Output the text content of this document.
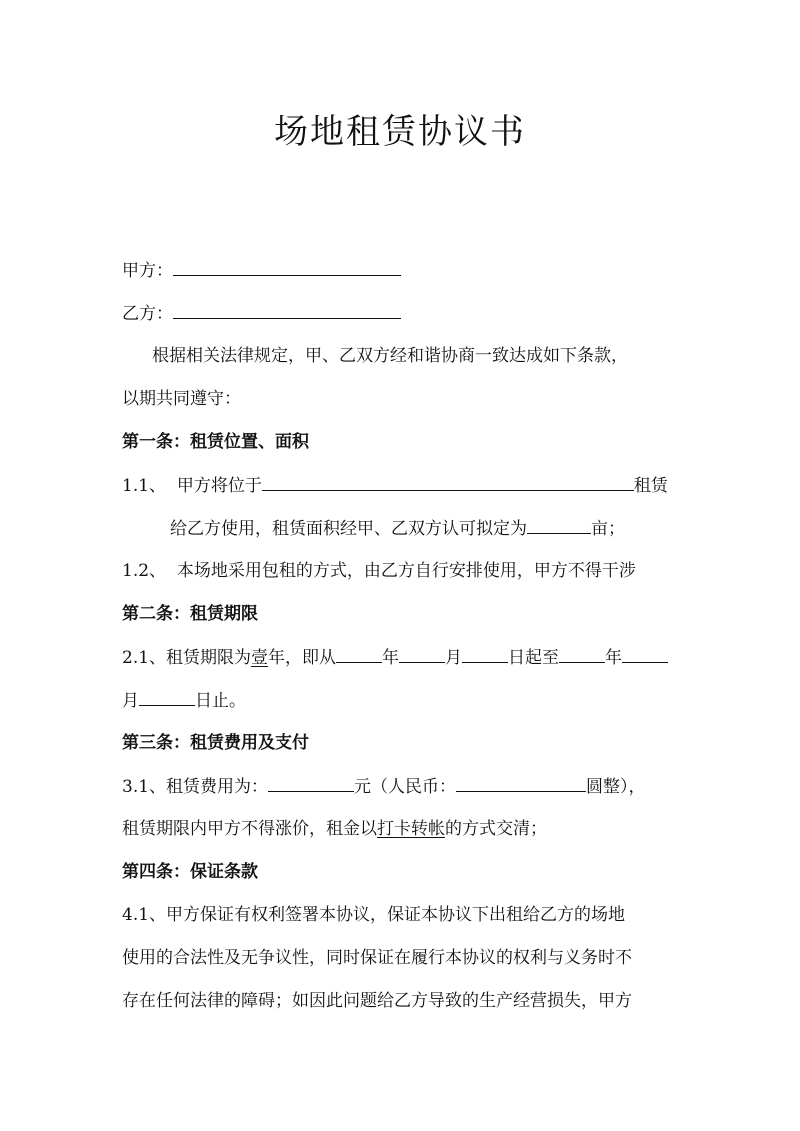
场地租赁协议书
甲方：
乙方：
根据相关法律规定，甲、乙双方经和谐协商一致达成如下条款，
以期共同遵守：
第一条：租赁位置、面积
1.1、 甲方将位于	租赁
给乙方使用，租赁面积经甲、乙双方认可拟定为	亩；
1.2、 本场地采用包租的方式，由乙方自行安排使用，甲方不得干涉
第二条：租赁期限
2.1、租赁期限为壹年，即从	年	月	日起至	年
月	日止。
第三条：租赁费用及支付
3.1、租赁费用为：	元（人民币：	圆整），
租赁期限内甲方不得涨价，租金以打卡转帐的方式交清；
第四条：保证条款
4.1、甲方保证有权利签署本协议，保证本协议下出租给乙方的场地
使用的合法性及无争议性，同时保证在履行本协议的权利与义务时不
存在任何法律的障碍；如因此问题给乙方导致的生产经营损失，甲方
